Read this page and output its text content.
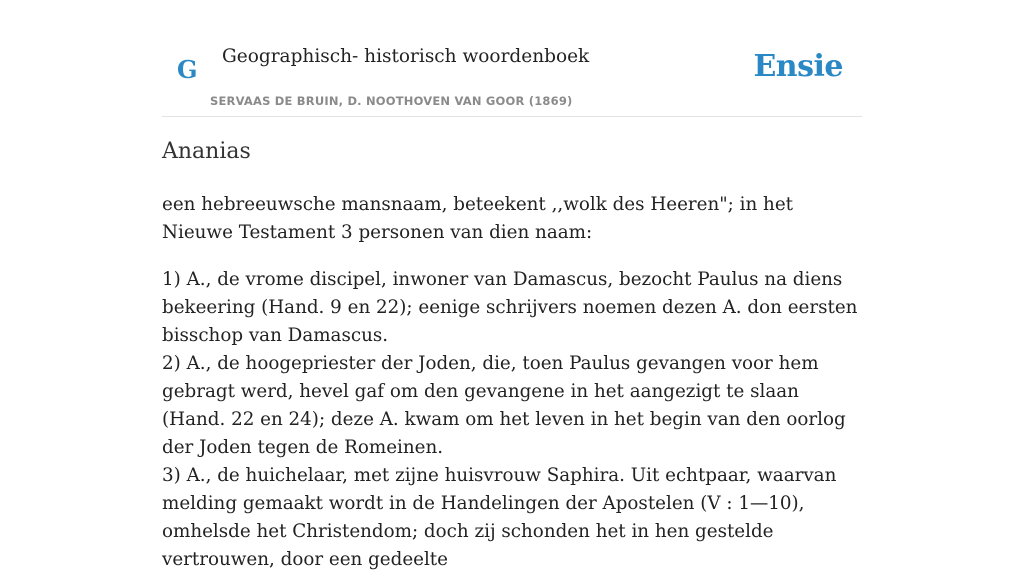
G Geographisch- historisch woordenboek
SERVAAS DE BRUIN, D. NOOTHOVEN VAN GOOR (1869)
Ensie
Ananias

een hebreeuwsche mansnaam, beteekent ,,wolk des Heeren"; in het Nieuwe Testament 3 personen van dien naam:

1) A., de vrome discipel, inwoner van Damascus, bezocht Paulus na diens bekeering (Hand. 9 en 22); eenige schrijvers noemen dezen A. don eersten bisschop van Damascus.

2) A., de hoogepriester der Joden, die, toen Paulus gevangen voor hem gebragt werd, hevel gaf om den gevangene in het aangezigt te slaan (Hand. 22 en 24); deze A. kwam om het leven in het begin van den oorlog der Joden tegen de Romeinen.

3) A., de huichelaar, met zijne huisvrouw Saphira. Uit echtpaar, waarvan melding gemaakt wordt in de Handelingen der Apostelen (V : 1—10), omhelsde het Christendom; doch zij schonden het in hen gestelde vertrouwen, door een gedeelte
